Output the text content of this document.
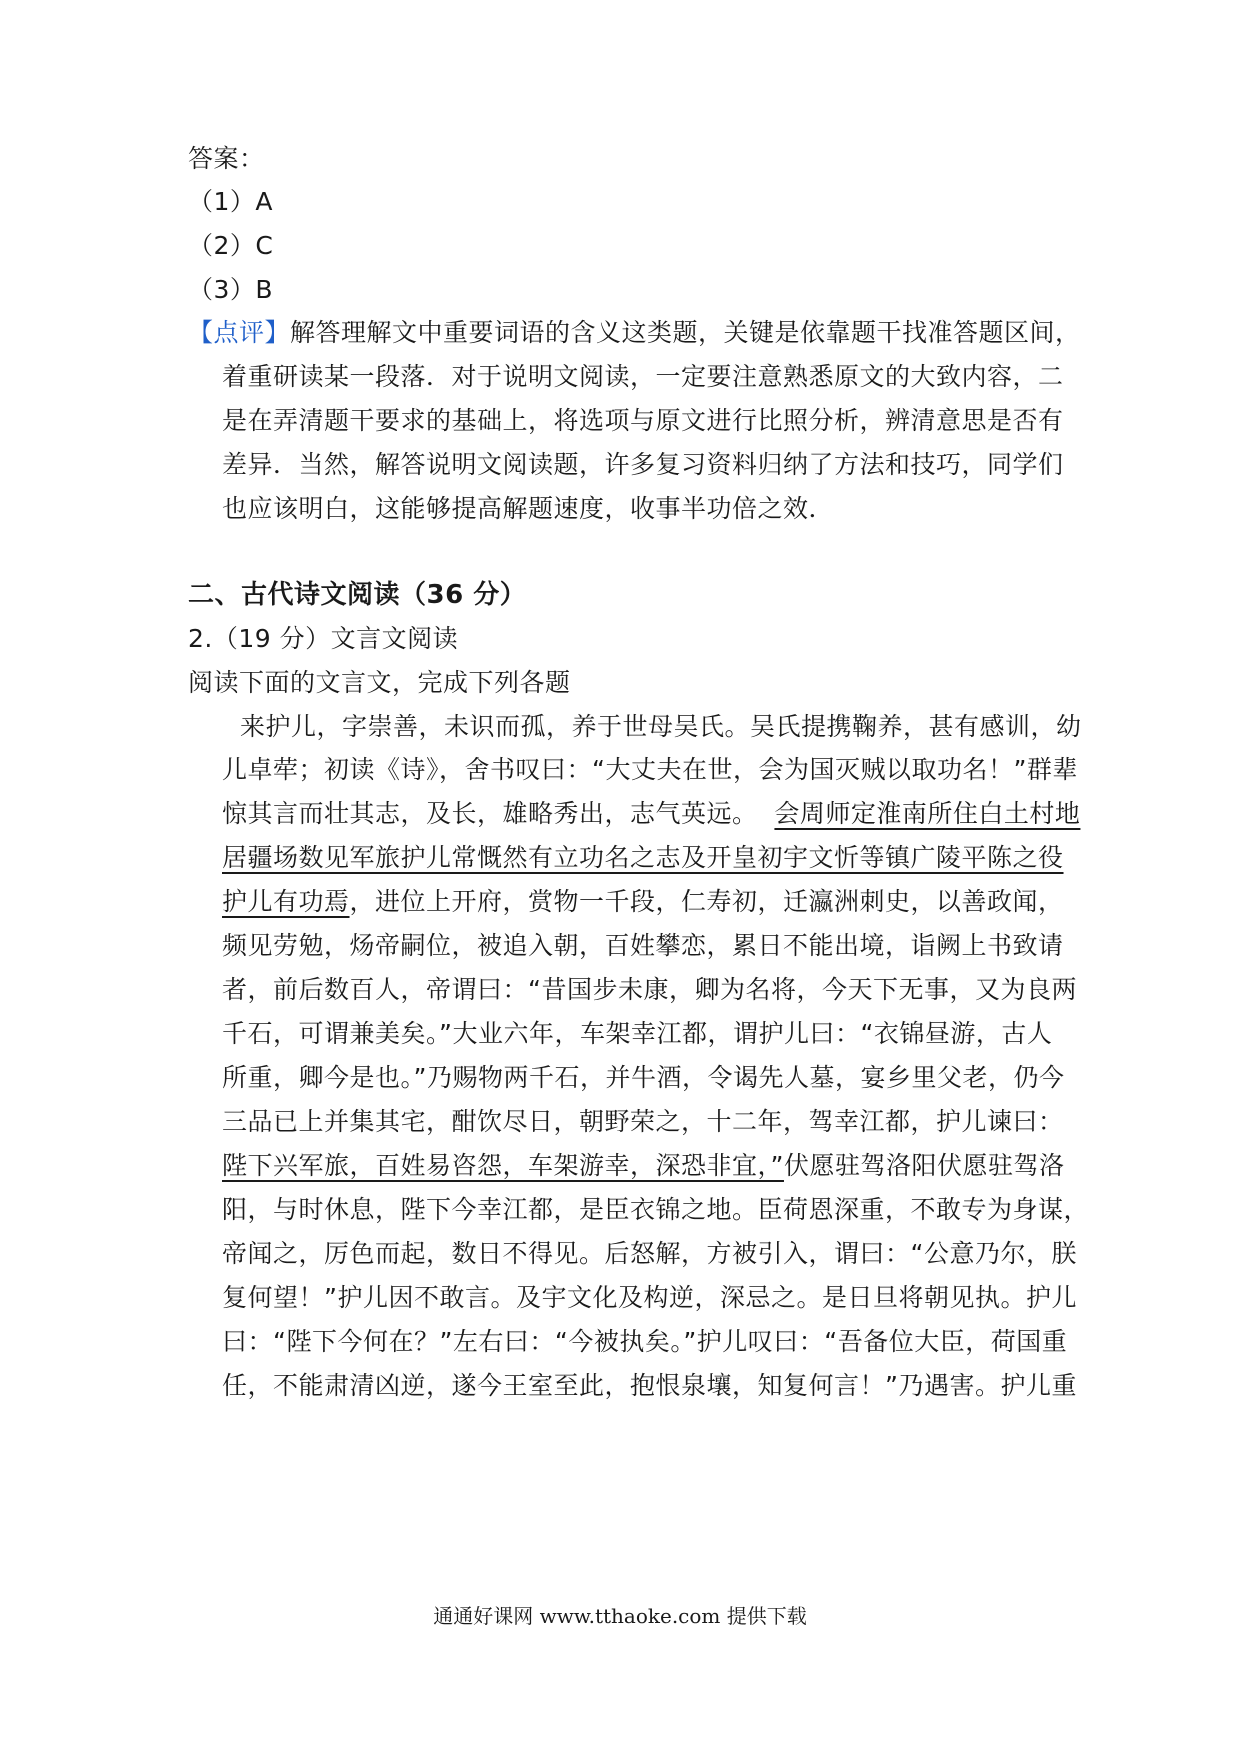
答案：
（1）A
（2）C
（3）B
【点评】解答理解文中重要词语的含义这类题，关键是依靠题干找准答题区间，
着重研读某一段落．对于说明文阅读，一定要注意熟悉原文的大致内容，二
是在弄清题干要求的基础上，将选项与原文进行比照分析，辨清意思是否有
差异．当然，解答说明文阅读题，许多复习资料归纳了方法和技巧，同学们
也应该明白，这能够提高解题速度，收事半功倍之效．
二、古代诗文阅读（36 分）
2.（19 分）文言文阅读
阅读下面的文言文，完成下列各题
来护儿，字崇善，未识而孤，养于世母吴氏。吴氏提携鞠养，甚有感训，幼
儿卓荦；初读《诗》，舍书叹曰：“大丈夫在世，会为国灭贼以取功名！”群辈
惊其言而壮其志，及长，雄略秀出，志气英远。 会周师定淮南所住白土村地
居疆场数见军旅护儿常慨然有立功名之志及开皇初宇文忻等镇广陵平陈之役
护儿有功焉，进位上开府，赏物一千段，仁寿初，迁瀛洲刺史，以善政闻，
频见劳勉，炀帝嗣位，被追入朝，百姓攀恋，累日不能出境，诣阙上书致请
者，前后数百人，帝谓曰：“昔国步未康，卿为名将，今天下无事，又为良两
千石，可谓兼美矣。”大业六年，车架幸江都，谓护儿曰：“衣锦昼游，古人
所重，卿今是也。”乃赐物两千石，并牛酒，令谒先人墓，宴乡里父老，仍今
三品已上并集其宅，酣饮尽日，朝野荣之，十二年，驾幸江都，护儿谏曰：
陛下兴军旅，百姓易咨怨，车架游幸，深恐非宜，”伏愿驻驾洛阳伏愿驻驾洛
阳，与时休息，陛下今幸江都，是臣衣锦之地。臣荷恩深重，不敢专为身谋，
帝闻之，厉色而起，数日不得见。后怒解，方被引入，谓曰：“公意乃尔，朕
复何望！”护儿因不敢言。及宇文化及构逆，深忌之。是日旦将朝见执。护儿
曰：“陛下今何在？”左右曰：“今被执矣。”护儿叹曰：“吾备位大臣，荷国重
任，不能肃清凶逆，遂今王室至此，抱恨泉壤，知复何言！”乃遇害。护儿重
通通好课网 www.tthaoke.com 提供下载
